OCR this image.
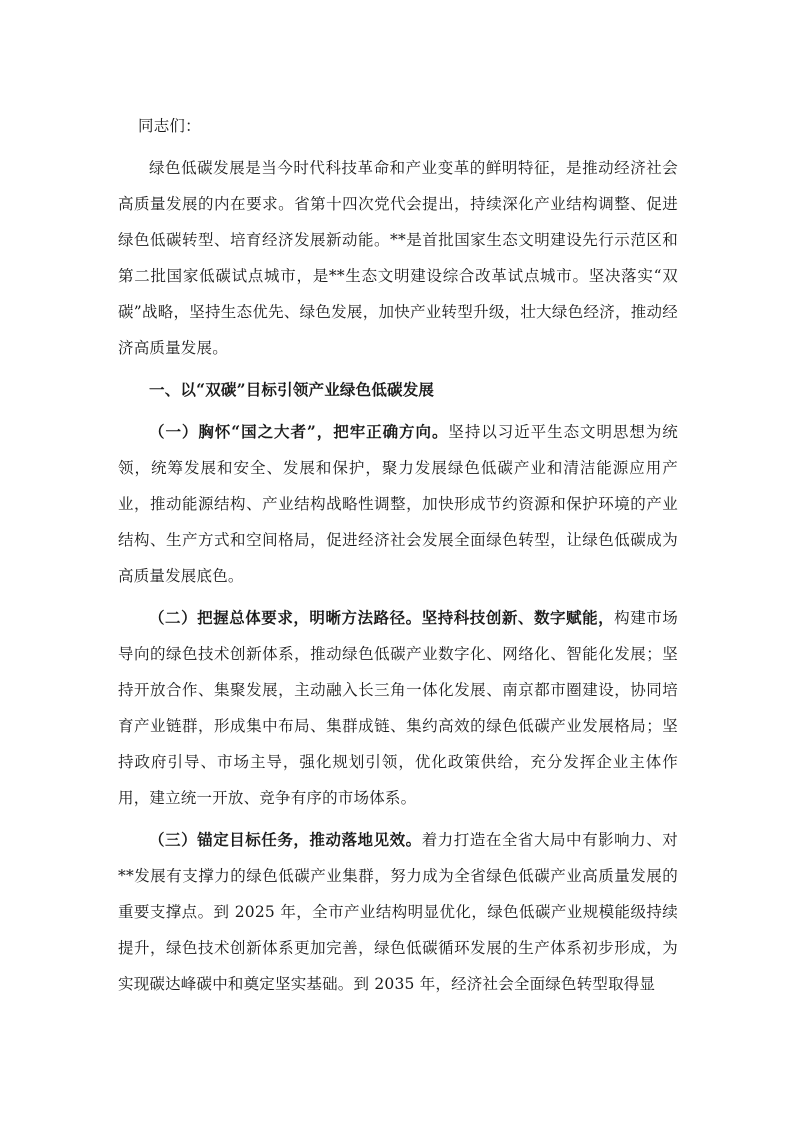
同志们：

绿色低碳发展是当今时代科技革命和产业变革的鲜明特征，是推动经济社会高质量发展的内在要求。省第十四次党代会提出，持续深化产业结构调整、促进绿色低碳转型、培育经济发展新动能。**是首批国家生态文明建设先行示范区和第二批国家低碳试点城市，是**生态文明建设综合改革试点城市。坚决落实“双碳”战略，坚持生态优先、绿色发展，加快产业转型升级，壮大绿色经济，推动经济高质量发展。

一、以“双碳”目标引领产业绿色低碳发展

（一）胸怀“国之大者”，把牢正确方向。坚持以习近平生态文明思想为统领，统筹发展和安全、发展和保护，聚力发展绿色低碳产业和清洁能源应用产业，推动能源结构、产业结构战略性调整，加快形成节约资源和保护环境的产业结构、生产方式和空间格局，促进经济社会发展全面绿色转型，让绿色低碳成为高质量发展底色。

（二）把握总体要求，明晰方法路径。坚持科技创新、数字赋能，构建市场导向的绿色技术创新体系，推动绿色低碳产业数字化、网络化、智能化发展；坚持开放合作、集聚发展，主动融入长三角一体化发展、南京都市圈建设，协同培育产业链群，形成集中布局、集群成链、集约高效的绿色低碳产业发展格局；坚持政府引导、市场主导，强化规划引领，优化政策供给，充分发挥企业主体作用，建立统一开放、竞争有序的市场体系。

（三）锚定目标任务，推动落地见效。着力打造在全省大局中有影响力、对**发展有支撑力的绿色低碳产业集群，努力成为全省绿色低碳产业高质量发展的重要支撑点。到 2025 年，全市产业结构明显优化，绿色低碳产业规模能级持续提升，绿色技术创新体系更加完善，绿色低碳循环发展的生产体系初步形成，为实现碳达峰碳中和奠定坚实基础。到 2035 年，经济社会全面绿色转型取得显
